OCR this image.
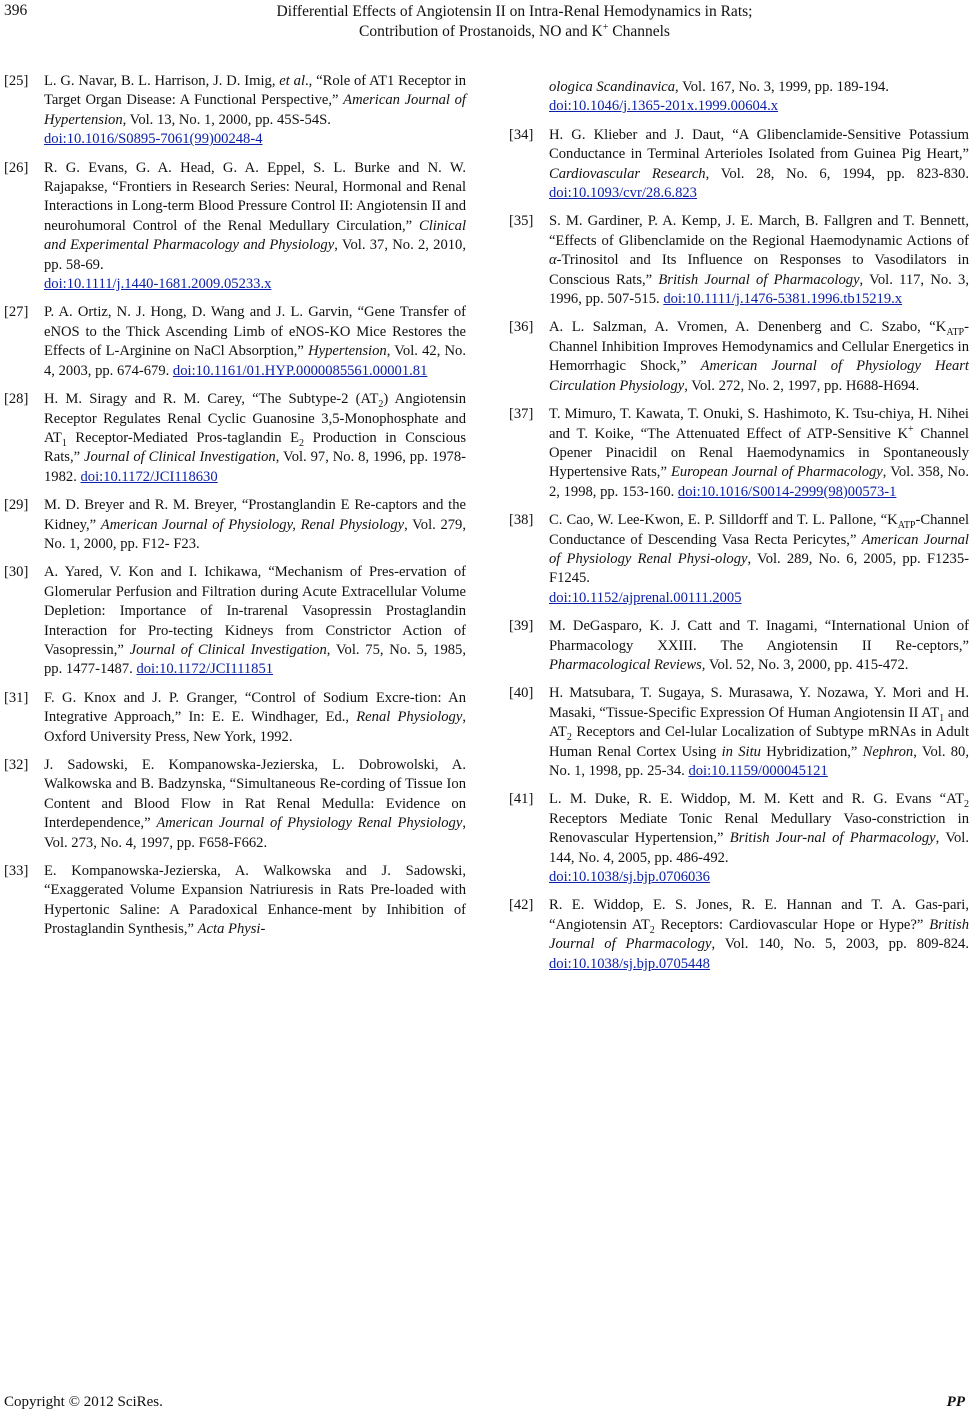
396	Differential Effects of Angiotensin II on Intra-Renal Hemodynamics in Rats;
Contribution of Prostanoids, NO and K+ Channels
[25] L. G. Navar, B. L. Harrison, J. D. Imig, et al., “Role of AT1 Receptor in Target Organ Disease: A Functional Perspective,” American Journal of Hypertension, Vol. 13, No. 1, 2000, pp. 45S-54S.
doi:10.1016/S0895-7061(99)00248-4
[26] R. G. Evans, G. A. Head, G. A. Eppel, S. L. Burke and N. W. Rajapakse, “Frontiers in Research Series: Neural, Hormonal and Renal Interactions in Long-term Blood Pressure Control II: Angiotensin II and neurohumoral Control of the Renal Medullary Circulation,” Clinical and Experimental Pharmacology and Physiology, Vol. 37, No. 2, 2010, pp. 58-69.
doi:10.1111/j.1440-1681.2009.05233.x
[27] P. A. Ortiz, N. J. Hong, D. Wang and J. L. Garvin, “Gene Transfer of eNOS to the Thick Ascending Limb of eNOS-KO Mice Restores the Effects of L-Arginine on NaCl Absorption,” Hypertension, Vol. 42, No. 4, 2003, pp. 674-679. doi:10.1161/01.HYP.0000085561.00001.81
[28] H. M. Siragy and R. M. Carey, “The Subtype-2 $(AT_2)$ Angiotensin Receptor Regulates Renal Cyclic Guanosine 3,5-Monophosphate and $AT_1$ Receptor-Mediated Pros-taglandin $E_2$ Production in Conscious Rats,” Journal of Clinical Investigation, Vol. 97, No. 8, 1996, pp. 1978-1982. doi:10.1172/JCI118630
[29] M. D. Breyer and R. M. Breyer, “Prostanglandin E Re-captors and the Kidney,” American Journal of Physiology, Renal Physiology, Vol. 279, No. 1, 2000, pp. F12- F23.
[30] A. Yared, V. Kon and I. Ichikawa, “Mechanism of Pres-ervation of Glomerular Perfusion and Filtration during Acute Extracellular Volume Depletion: Importance of In-trarenal Vasopressin Prostaglandin Interaction for Pro-tecting Kidneys from Constrictor Action of Vasopressin,” Journal of Clinical Investigation, Vol. 75, No. 5, 1985, pp. 1477-1487. doi:10.1172/JCI111851
[31] F. G. Knox and J. P. Granger, “Control of Sodium Excre-tion: An Integrative Approach,” In: E. E. Windhager, Ed., Renal Physiology, Oxford University Press, New York, 1992.
[32] J. Sadowski, E. Kompanowska-Jezierska, L. Dobrowolski, A. Walkowska and B. Badzynska, “Simultaneous Re-cording of Tissue Ion Content and Blood Flow in Rat Renal Medulla: Evidence on Interdependence,” American Journal of Physiology Renal Physiology, Vol. 273, No. 4, 1997, pp. F658-F662.
[33] E. Kompanowska-Jezierska, A. Walkowska and J. Sadowski, “Exaggerated Volume Expansion Natriuresis in Rats Pre-loaded with Hypertonic Saline: A Paradoxical Enhance-ment by Inhibition of Prostaglandin Synthesis,” Acta Physi-
ologica Scandinavica, Vol. 167, No. 3, 1999, pp. 189-194.
doi:10.1046/j.1365-201x.1999.00604.x
[34] H. G. Klieber and J. Daut, “A Glibenclamide-Sensitive Potassium Conductance in Terminal Arterioles Isolated from Guinea Pig Heart,” Cardiovascular Research, Vol. 28, No. 6, 1994, pp. 823-830. doi:10.1093/cvr/28.6.823
[35] S. M. Gardiner, P. A. Kemp, J. E. March, B. Fallgren and T. Bennett, “Effects of Glibenclamide on the Regional Haemodynamic Actions of α-Trinositol and Its Influence on Responses to Vasodilators in Conscious Rats,” British Journal of Pharmacology, Vol. 117, No. 3, 1996, pp. 507-515. doi:10.1111/j.1476-5381.1996.tb15219.x
[36] A. L. Salzman, A. Vromen, A. Denenberg and C. Szabo, “$K_{ATP}$-Channel Inhibition Improves Hemodynamics and Cellular Energetics in Hemorrhagic Shock,” American Journal of Physiology Heart Circulation Physiology, Vol. 272, No. 2, 1997, pp. H688-H694.
[37] T. Mimuro, T. Kawata, T. Onuki, S. Hashimoto, K. Tsu-chiya, H. Nihei and T. Koike, “The Attenuated Effect of ATP-Sensitive K+ Channel Opener Pinacidil on Renal Haemodynamics in Spontaneously Hypertensive Rats,” European Journal of Pharmacology, Vol. 358, No. 2, 1998, pp. 153-160. doi:10.1016/S0014-2999(98)00573-1
[38] C. Cao, W. Lee-Kwon, E. P. Silldorff and T. L. Pallone, “$K_{ATP}$-Channel Conductance of Descending Vasa Recta Pericytes,” American Journal of Physiology Renal Physi-ology, Vol. 289, No. 6, 2005, pp. F1235-F1245.
doi:10.1152/ajprenal.00111.2005
[39] M. DeGasparo, K. J. Catt and T. Inagami, “International Union of Pharmacology XXIII. The Angiotensin II Re-ceptors,” Pharmacological Reviews, Vol. 52, No. 3, 2000, pp. 415-472.
[40] H. Matsubara, T. Sugaya, S. Murasawa, Y. Nozawa, Y. Mori and H. Masaki, “Tissue-Specific Expression Of Human Angiotensin II $AT_1$ and $AT_2$ Receptors and Cel-lular Localization of Subtype mRNAs in Adult Human Renal Cortex Using in Situ Hybridization,” Nephron, Vol. 80, No. 1, 1998, pp. 25-34. doi:10.1159/000045121
[41] L. M. Duke, R. E. Widdop, M. M. Kett and R. G. Evans “$AT_2$ Receptors Mediate Tonic Renal Medullary Vaso-constriction in Renovascular Hypertension,” British Jour-nal of Pharmacology, Vol. 144, No. 4, 2005, pp. 486-492.
doi:10.1038/sj.bjp.0706036
[42] R. E. Widdop, E. S. Jones, R. E. Hannan and T. A. Gas-pari, “Angiotensin $AT_2$ Receptors: Cardiovascular Hope or Hype?” British Journal of Pharmacology, Vol. 140, No. 5, 2003, pp. 809-824. doi:10.1038/sj.bjp.0705448
Copyright © 2012 SciRes.	PP
